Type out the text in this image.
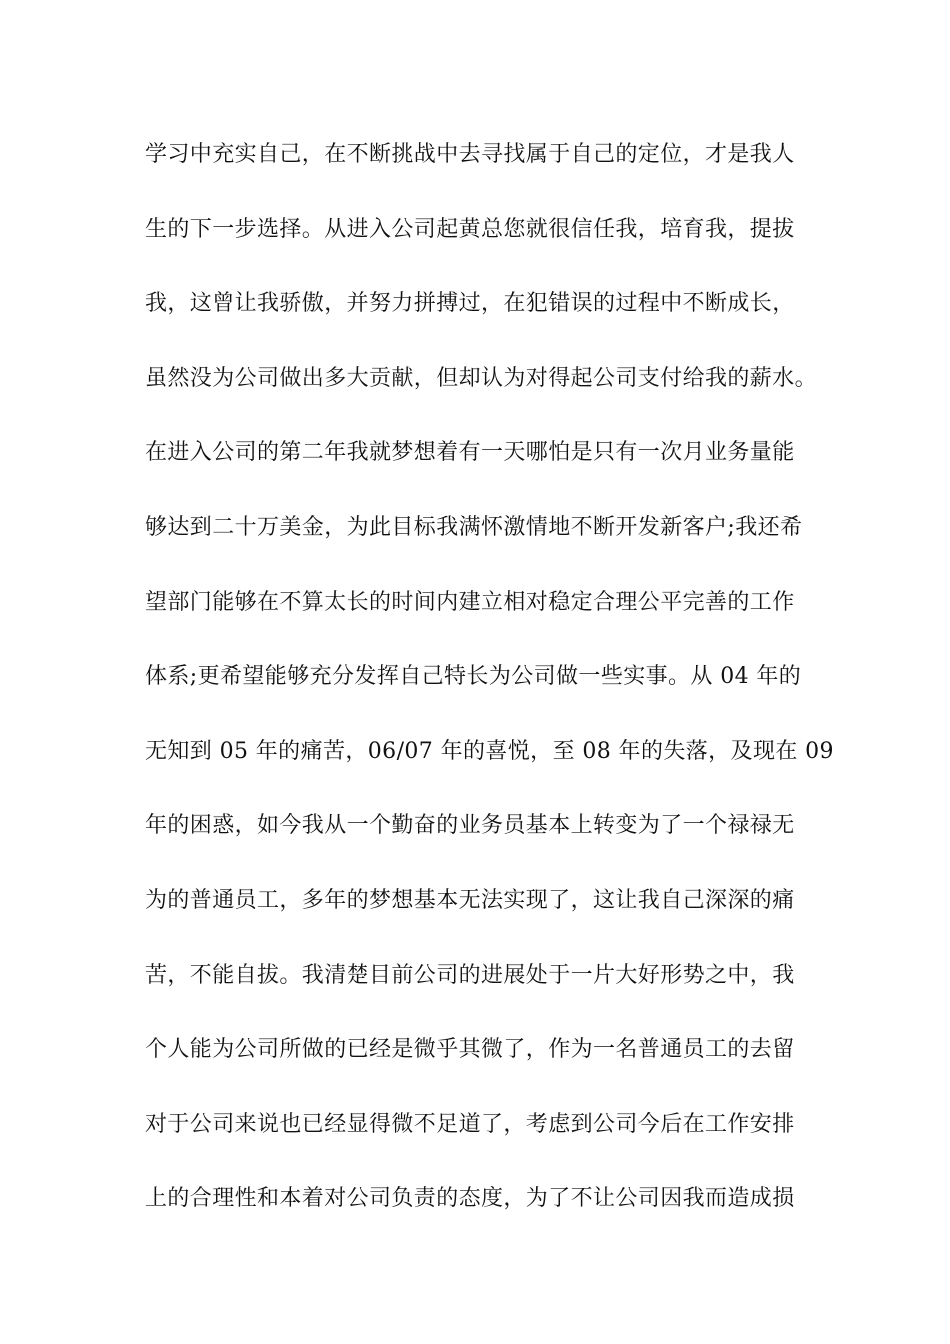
学习中充实自己，在不断挑战中去寻找属于自己的定位，才是我人
生的下一步选择。从进入公司起黄总您就很信任我，培育我，提拔
我，这曾让我骄傲，并努力拼搏过，在犯错误的过程中不断成长，
虽然没为公司做出多大贡献，但却认为对得起公司支付给我的薪水。
在进入公司的第二年我就梦想着有一天哪怕是只有一次月业务量能
够达到二十万美金，为此目标我满怀激情地不断开发新客户;我还希
望部门能够在不算太长的时间内建立相对稳定合理公平完善的工作
体系;更希望能够充分发挥自己特长为公司做一些实事。从 04 年的
无知到 05 年的痛苦，06/07 年的喜悦，至 08 年的失落，及现在 09
年的困惑，如今我从一个勤奋的业务员基本上转变为了一个禄禄无
为的普通员工，多年的梦想基本无法实现了，这让我自己深深的痛
苦，不能自拔。我清楚目前公司的进展处于一片大好形势之中，我
个人能为公司所做的已经是微乎其微了，作为一名普通员工的去留
对于公司来说也已经显得微不足道了，考虑到公司今后在工作安排
上的合理性和本着对公司负责的态度，为了不让公司因我而造成损
